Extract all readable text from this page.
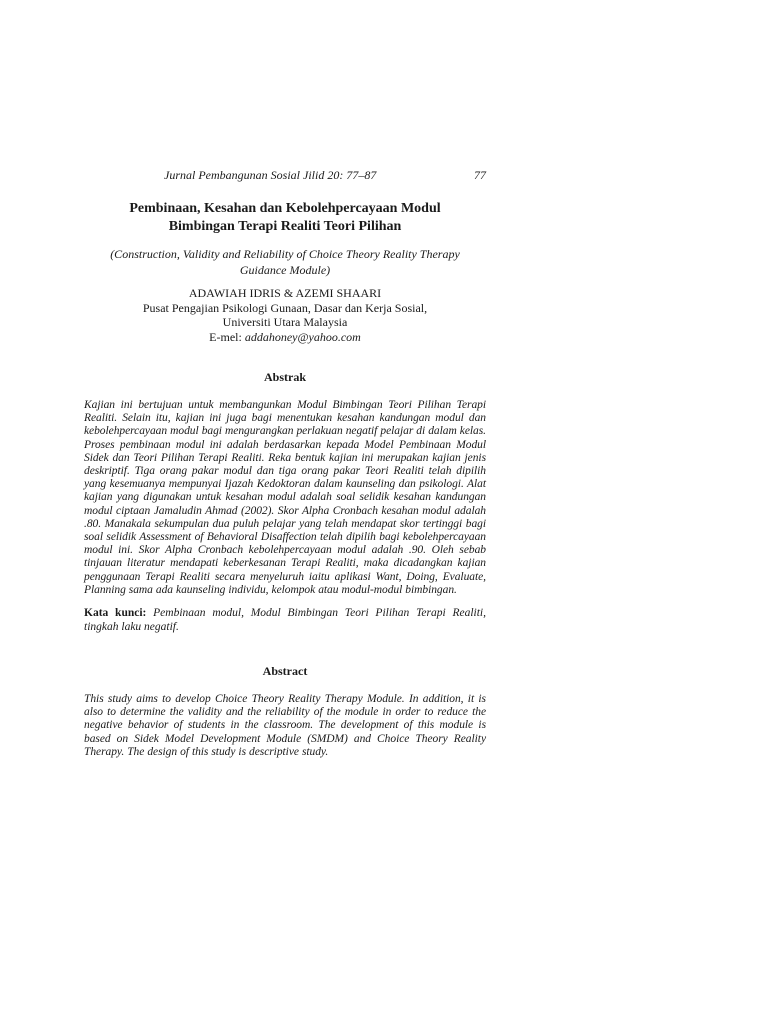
Jurnal Pembangunan Sosial Jilid 20: 77–87	77
Pembinaan, Kesahan dan Kebolehpercayaan Modul
Bimbingan Terapi Realiti Teori Pilihan
(Construction, Validity and Reliability of Choice Theory Reality Therapy
Guidance Module)
ADAWIAH IDRIS & AZEMI SHAARI
Pusat Pengajian Psikologi Gunaan, Dasar dan Kerja Sosial,
Universiti Utara Malaysia
E-mel: addahoney@yahoo.com
Abstrak

Kajian ini bertujuan untuk membangunkan Modul Bimbingan Teori Pilihan Terapi Realiti. Selain itu, kajian ini juga bagi menentukan kesahan kandungan modul dan kebolehpercayaan modul bagi mengurangkan perlakuan negatif pelajar di dalam kelas. Proses pembinaan modul ini adalah berdasarkan kepada Model Pembinaan Modul Sidek dan Teori Pilihan Terapi Realiti. Reka bentuk kajian ini merupakan kajian jenis deskriptif. Tiga orang pakar modul dan tiga orang pakar Teori Realiti telah dipilih yang kesemuanya mempunyai Ijazah Kedoktoran dalam kaunseling dan psikologi. Alat kajian yang digunakan untuk kesahan modul adalah soal selidik kesahan kandungan modul ciptaan Jamaludin Ahmad (2002). Skor Alpha Cronbach kesahan modul adalah .80. Manakala sekumpulan dua puluh pelajar yang telah mendapat skor tertinggi bagi soal selidik Assessment of Behavioral Disaffection telah dipilih bagi kebolehpercayaan modul ini. Skor Alpha Cronbach kebolehpercayaan modul adalah .90. Oleh sebab tinjauan literatur mendapati keberkesanan Terapi Realiti, maka dicadangkan kajian penggunaan Terapi Realiti secara menyeluruh iaitu aplikasi Want, Doing, Evaluate, Planning sama ada kaunseling individu, kelompok atau modul-modul bimbingan.

Kata kunci: Pembinaan modul, Modul Bimbingan Teori Pilihan Terapi Realiti, tingkah laku negatif.

Abstract

This study aims to develop Choice Theory Reality Therapy Module. In addition, it is also to determine the validity and the reliability of the module in order to reduce the negative behavior of students in the classroom. The development of this module is based on Sidek Model Development Module (SMDM) and Choice Theory Reality Therapy. The design of this study is descriptive study.
